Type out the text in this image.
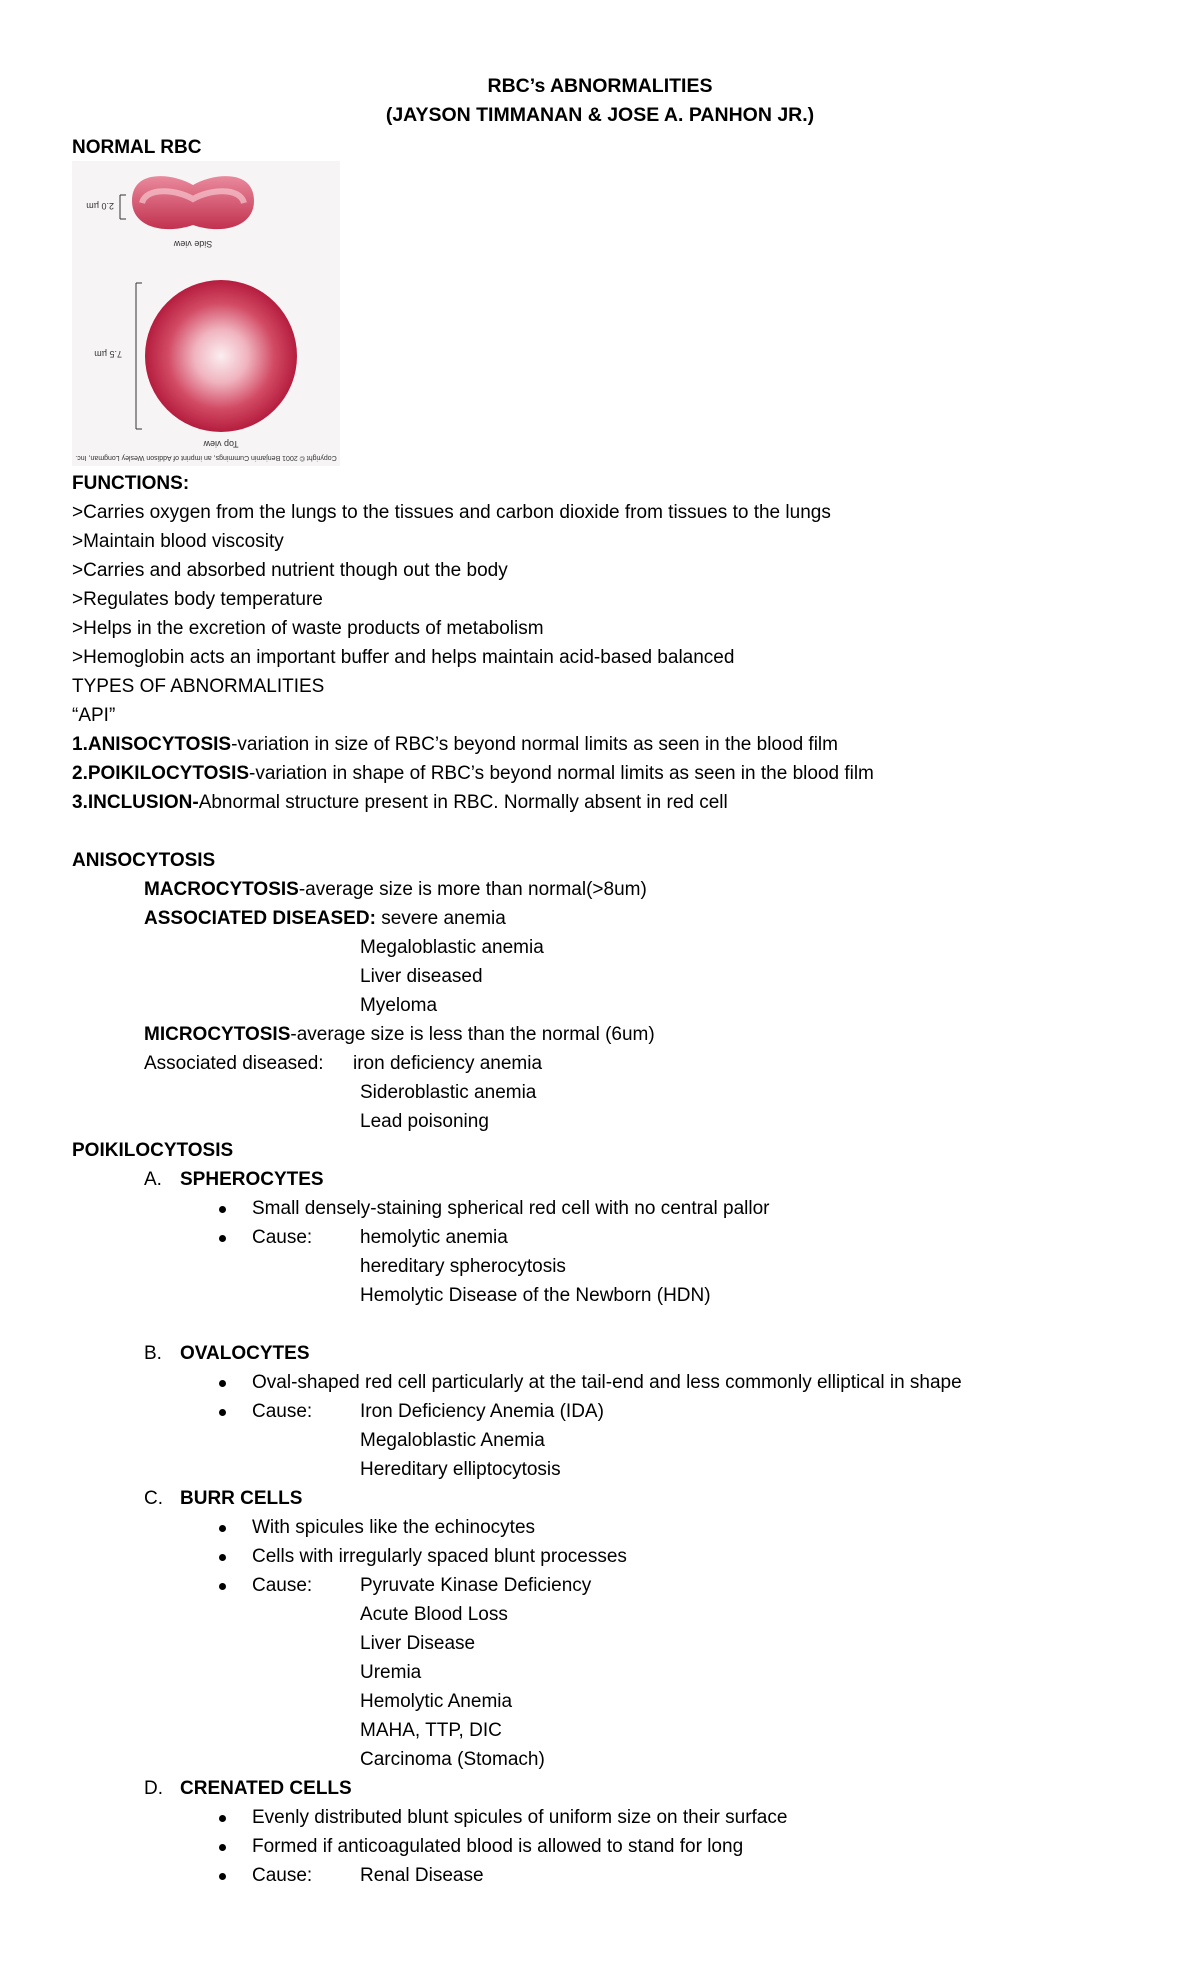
RBC’s ABNORMALITIES
(JAYSON TIMMANAN & JOSE A. PANHON JR.)
NORMAL RBC
2.0 µm
Side view
7.5 µm
Top view
Copyright © 2001 Benjamin Cummings, an imprint of Addison Wesley Longman, Inc.
FUNCTIONS:
>Carries oxygen from the lungs to the tissues and carbon dioxide from tissues to the lungs
>Maintain blood viscosity
>Carries and absorbed nutrient though out the body
>Regulates body temperature
>Helps in the excretion of waste products of metabolism
>Hemoglobin acts an important buffer and helps maintain acid-based balanced
TYPES OF ABNORMALITIES
“API”
1.ANISOCYTOSIS-variation in size of RBC’s beyond normal limits as seen in the blood film
2.POIKILOCYTOSIS-variation in shape of RBC’s beyond normal limits as seen in the blood film
3.INCLUSION-Abnormal structure present in RBC. Normally absent in red cell
ANISOCYTOSIS
MACROCYTOSIS-average size is more than normal(>8um)
ASSOCIATED DISEASED: severe anemia
Megaloblastic anemia
Liver diseased
Myeloma
MICROCYTOSIS-average size is less than the normal (6um)
Associated diseased: iron deficiency anemia
Sideroblastic anemia
Lead poisoning
POIKILOCYTOSIS
A. SPHEROCYTES
Small densely-staining spherical red cell with no central pallor
Cause:	hemolytic anemia
hereditary spherocytosis
Hemolytic Disease of the Newborn (HDN)
B. OVALOCYTES
Oval-shaped red cell particularly at the tail-end and less commonly elliptical in shape
Cause:	Iron Deficiency Anemia (IDA)
Megaloblastic Anemia
Hereditary elliptocytosis
C. BURR CELLS
With spicules like the echinocytes
Cells with irregularly spaced blunt processes
Cause:	Pyruvate Kinase Deficiency
Acute Blood Loss
Liver Disease
Uremia
Hemolytic Anemia
MAHA, TTP, DIC
Carcinoma (Stomach)
D. CRENATED CELLS
Evenly distributed blunt spicules of uniform size on their surface
Formed if anticoagulated blood is allowed to stand for long
Cause:	Renal Disease
